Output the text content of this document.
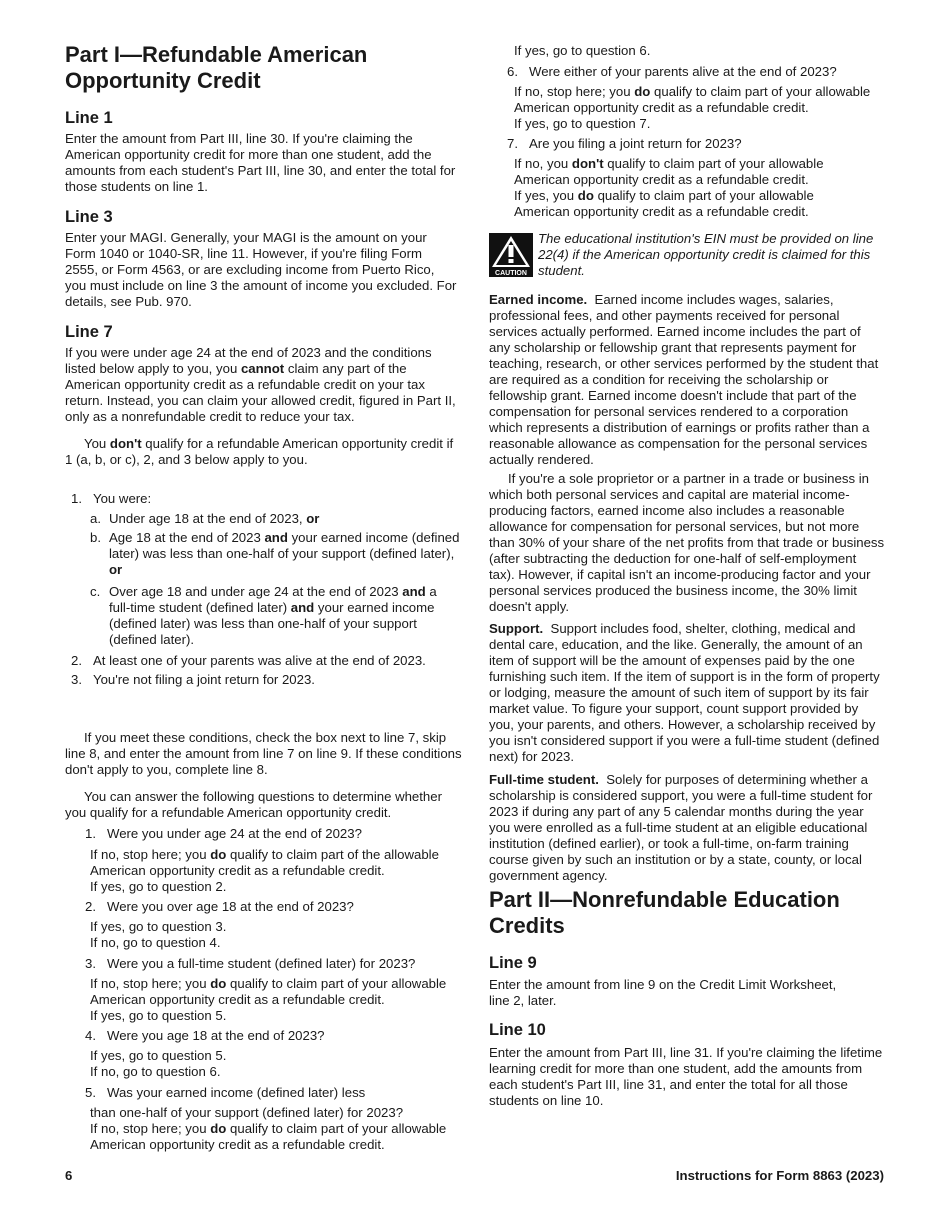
Part I—Refundable American
Opportunity Credit
Line 1

Enter the amount from Part III, line 30. If you're claiming the American opportunity credit for more than one student, add the amounts from each student's Part III, line 30, and enter the total for those students on line 1.

Line 3

Enter your MAGI. Generally, your MAGI is the amount on your Form 1040 or 1040-SR, line 11. However, if you're filing Form 2555, or Form 4563, or are excluding income from Puerto Rico, you must include on line 3 the amount of income you excluded. For details, see Pub. 970.

Line 7

If you were under age 24 at the end of 2023 and the conditions listed below apply to you, you cannot claim any part of the American opportunity credit as a refundable credit on your tax return. Instead, you can claim your allowed credit, figured in Part II, only as a nonrefundable credit to reduce your tax.

You don't qualify for a refundable American opportunity credit if 1 (a, b, or c), 2, and 3 below apply to you.

1. You were:
a. Under age 18 at the end of 2023, or
b. Age 18 at the end of 2023 and your earned income (defined later) was less than one-half of your support (defined later), or
c. Over age 18 and under age 24 at the end of 2023 and a full-time student (defined later) and your earned income (defined later) was less than one-half of your support (defined later).
2. At least one of your parents was alive at the end of 2023.
3. You're not filing a joint return for 2023.

If you meet these conditions, check the box next to line 7, skip line 8, and enter the amount from line 7 on line 9. If these conditions don't apply to you, complete line 8.

You can answer the following questions to determine whether you qualify for a refundable American opportunity credit.

1. Were you under age 24 at the end of 2023?

If no, stop here; you do qualify to claim part of the allowable American opportunity credit as a refundable credit.

If yes, go to question 2.

2. Were you over age 18 at the end of 2023?

If yes, go to question 3.

If no, go to question 4.

3. Were you a full-time student (defined later) for 2023?

If no, stop here; you do qualify to claim part of your allowable American opportunity credit as a refundable credit.

If yes, go to question 5.

4. Were you age 18 at the end of 2023?

If yes, go to question 5.

If no, go to question 6.

5. Was your earned income (defined later) less

than one-half of your support (defined later) for 2023?

If no, stop here; you do qualify to claim part of your allowable American opportunity credit as a refundable credit.

If yes, go to question 6.

6. Were either of your parents alive at the end of 2023?

If no, stop here; you do qualify to claim part of your allowable American opportunity credit as a refundable credit.

If yes, go to question 7.

7. Are you filing a joint return for 2023?

If no, you don't qualify to claim part of your allowable American opportunity credit as a refundable credit.

If yes, you do qualify to claim part of your allowable American opportunity credit as a refundable credit.

CAUTION

The educational institution's EIN must be provided on line 22(4) if the American opportunity credit is claimed for this student.

Earned income. Earned income includes wages, salaries, professional fees, and other payments received for personal services actually performed. Earned income includes the part of any scholarship or fellowship grant that represents payment for teaching, research, or other services performed by the student that are required as a condition for receiving the scholarship or fellowship grant. Earned income doesn't include that part of the compensation for personal services rendered to a corporation which represents a distribution of earnings or profits rather than a reasonable allowance as compensation for the personal services actually rendered.

If you're a sole proprietor or a partner in a trade or business in which both personal services and capital are material income-producing factors, earned income also includes a reasonable allowance for compensation for personal services, but not more than 30% of your share of the net profits from that trade or business (after subtracting the deduction for one-half of self-employment tax). However, if capital isn't an income-producing factor and your personal services produced the business income, the 30% limit doesn't apply.

Support. Support includes food, shelter, clothing, medical and dental care, education, and the like. Generally, the amount of an item of support will be the amount of expenses paid by the one furnishing such item. If the item of support is in the form of property or lodging, measure the amount of such item of support by its fair market value. To figure your support, count support provided by you, your parents, and others. However, a scholarship received by you isn't considered support if you were a full-time student (defined next) for 2023.

Full-time student. Solely for purposes of determining whether a scholarship is considered support, you were a full-time student for 2023 if during any part of any 5 calendar months during the year you were enrolled as a full-time student at an eligible educational institution (defined earlier), or took a full-time, on-farm training course given by such an institution or by a state, county, or local government agency.

Part II—Nonrefundable Education
Credits
Line 9

Enter the amount from line 9 on the Credit Limit Worksheet, line 2, later.

Line 10

Enter the amount from Part III, line 31. If you're claiming the lifetime learning credit for more than one student, add the amounts from each student's Part III, line 31, and enter the total for all those students on line 10.

6	Instructions for Form 8863 (2023)
